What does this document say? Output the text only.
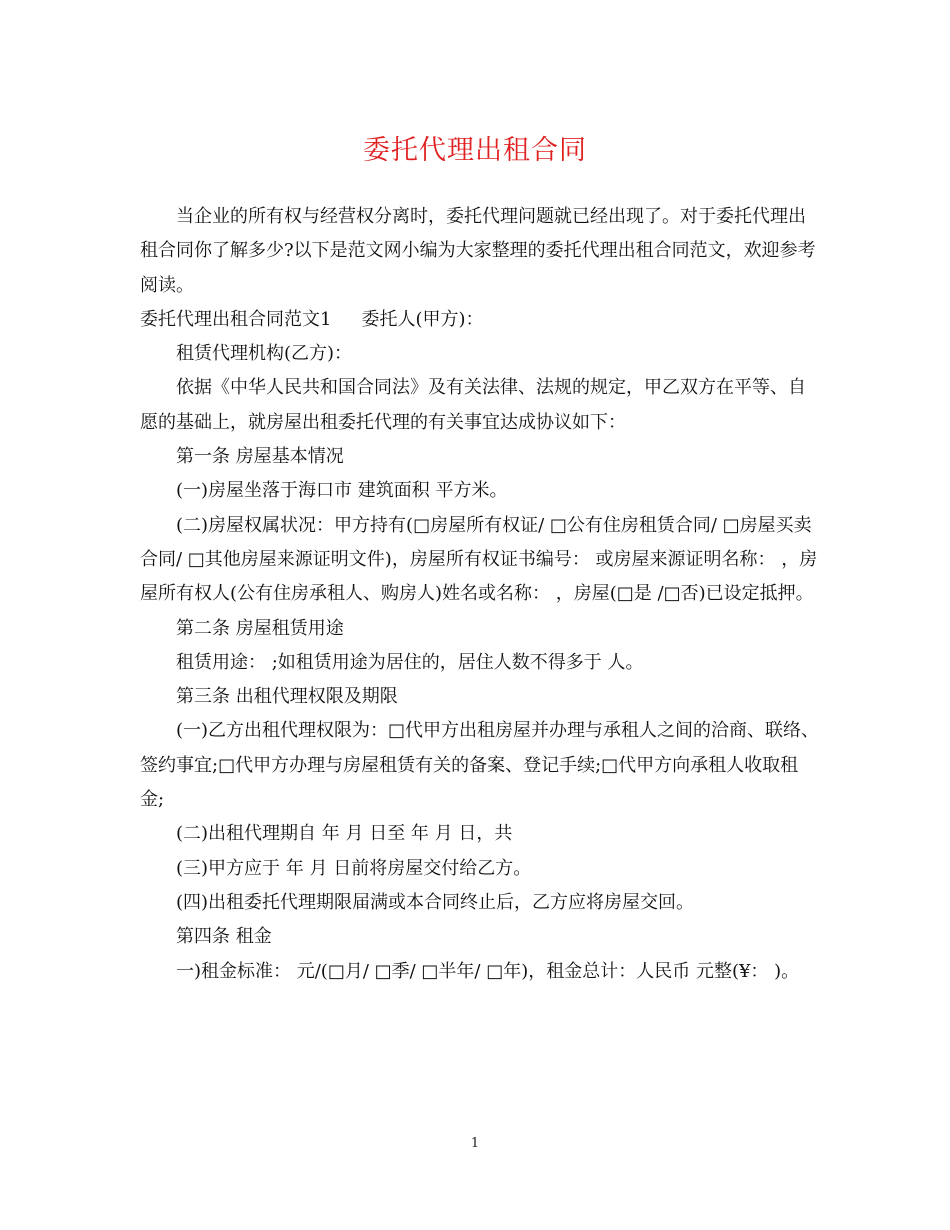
委托代理出租合同

当企业的所有权与经营权分离时，委托代理问题就已经出现了。对于委托代理出租合同你了解多少?以下是范文网小编为大家整理的委托代理出租合同范文，欢迎参考阅读。

委托代理出租合同范文1 委托人(甲方)：

租赁代理机构(乙方)：

依据《中华人民共和国合同法》及有关法律、法规的规定，甲乙双方在平等、自愿的基础上，就房屋出租委托代理的有关事宜达成协议如下：

第一条 房屋基本情况

(一)房屋坐落于海口市 建筑面积 平方米。

(二)房屋权属状况：甲方持有(□房屋所有权证/ □公有住房租赁合同/ □房屋买卖合同/ □其他房屋来源证明文件)，房屋所有权证书编号： 或房屋来源证明名称： ，房屋所有权人(公有住房承租人、购房人)姓名或名称： ，房屋(□是 /□否)已设定抵押。

第二条 房屋租赁用途

租赁用途： ;如租赁用途为居住的，居住人数不得多于 人。

第三条 出租代理权限及期限

(一)乙方出租代理权限为：□代甲方出租房屋并办理与承租人之间的洽商、联络、签约事宜;□代甲方办理与房屋租赁有关的备案、登记手续;□代甲方向承租人收取租金;

(二)出租代理期自 年 月 日至 年 月 日，共

(三)甲方应于 年 月 日前将房屋交付给乙方。

(四)出租委托代理期限届满或本合同终止后，乙方应将房屋交回。

第四条 租金

一)租金标准： 元/(□月/ □季/ □半年/ □年)，租金总计：人民币 元整(¥： )。

1
